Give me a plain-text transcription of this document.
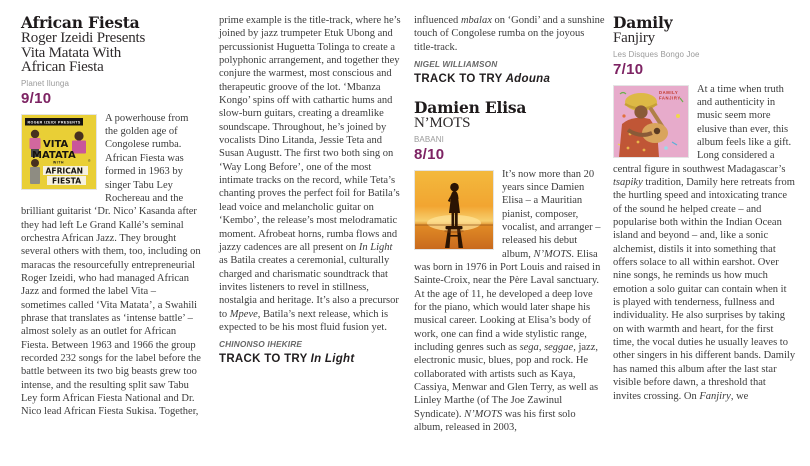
African Fiesta
Roger Izeidi Presents
Vita Matata With
African Fiesta
Planet Ilunga
9/10
ROGER IZEIDI PRESENTS
VITA
MATATA
WITH	®
AFRICAN
FIESTA

A powerhouse from the golden age of Congolese rumba. African Fiesta was formed in 1963 by singer Tabu Ley Rochereau and the brilliant guitarist ‘Dr. Nico’ Kasanda after they had left Le Grand Kallé’s seminal orchestra African Jazz. They brought several others with them, too, including on maracas the resourcefully entrepreneurial Roger Izeidi, who had managed African Jazz and formed the label Vita – sometimes called ‘Vita Matata’, a Swahili phrase that translates as ‘intense battle’ – almost solely as an outlet for African Fiesta. Between 1963 and 1966 the group recorded 232 songs for the label before the battle between its two big beasts grew too intense, and the resulting split saw Tabu Ley form African Fiesta National and Dr. Nico lead African Fiesta Sukisa. Together,

prime example is the title-track, where he’s joined by jazz trumpeter Etuk Ubong and percussionist Huguetta Tolinga to create a polyphonic arrangement, and together they conjure the warmest, most conscious and therapeutic groove of the lot. ‘Mbanza Kongo’ spins off with cathartic hums and slow-burn guitars, creating a dreamlike soundscape. Throughout, he’s joined by vocalists Dino Litanda, Jessie Teta and Susan Augustt. The first two both sing on ‘Way Long Before’, one of the most intimate tracks on the record, while Teta’s chanting proves the perfect foil for Batila’s lead voice and melancholic guitar on ‘Kembo’, the release’s most melodramatic moment. Afrobeat horns, rumba flows and jazzy cadences are all present on In Light as Batila creates a ceremonial, culturally charged and charismatic soundtrack that invites listeners to revel in stillness, nostalgia and heritage. It’s also a precursor to Mpeve, Batila’s next release, which is expected to be his most fluid fusion yet.

CHINONSO IHEKIRE
TRACK TO TRY In Light

influenced mbalax on ‘Gondi’ and a sunshine touch of Congolese rumba on the joyous title-track.

NIGEL WILLIAMSON
TRACK TO TRY Adouna
Damien Elisa
N’MOTS
BABANI
8/10

It’s now more than 20 years since Damien Elisa – a Mauritian pianist, composer, vocalist, and arranger – released his debut album, N’MOTS. Elisa was born in 1976 in Port Louis and raised in Sainte-Croix, near the Père Laval sanctuary. At the age of 11, he developed a deep love for the piano, which would later shape his musical career. Looking at Elisa’s body of work, one can find a wide stylistic range, including genres such as sega, seggae, jazz, electronic music, blues, pop and rock. He collaborated with artists such as Kaya, Cassiya, Menwar and Glen Terry, as well as Linley Marthe (of The Joe Zawinul Syndicate). N’MOTS was his first solo album, released in 2003,

Damily
Fanjiry
Les Disques Bongo Joe
7/10
DAMILY
FANJIRY

At a time when truth and authenticity in music seem more elusive than ever, this album feels like a gift. Long considered a central figure in southwest Madagascar’s tsapiky tradition, Damily here retreats from the hurtling speed and intoxicating trance of the sound he helped create – and popularise both within the Indian Ocean island and beyond – and, like a sonic alchemist, distils it into something that offers solace to all within earshot. Over nine songs, he reminds us how much emotion a solo guitar can contain when it is played with tenderness, fullness and individuality. He also surprises by taking on with warmth and heart, for the first time, the vocal duties he usually leaves to other singers in his different bands. Damily has named this album after the last star visible before dawn, a threshold that invites crossing. On Fanjiry, we
